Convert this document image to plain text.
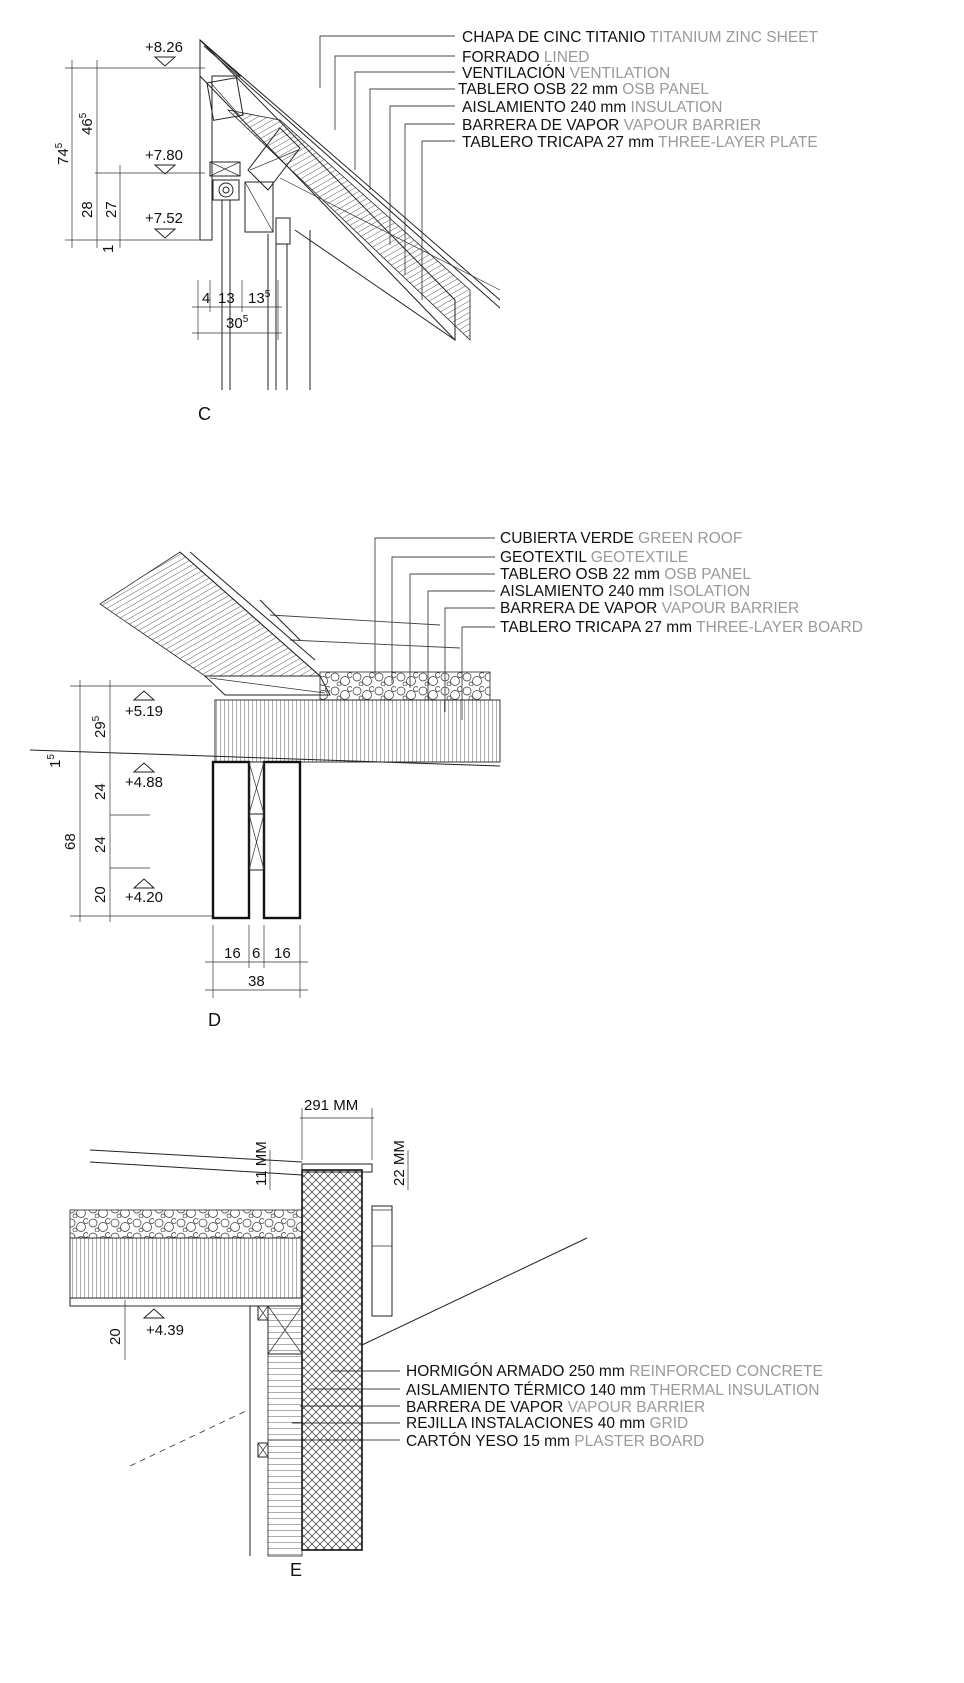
CHAPA DE CINC TITANIO TITANIUM ZINC SHEET
FORRADO LINED
VENTILACIÓN VENTILATION
TABLERO OSB 22 mm OSB PANEL
AISLAMIENTO 240 mm INSULATION
BARRERA DE VAPOR VAPOUR BARRIER
TABLERO TRICAPA 27 mm THREE-LAYER PLATE
+8.26
+7.80
+7.52
$74^5$
$46^5$
28 27
1
4 13 $13^5$
$30^5$
C
CUBIERTA VERDE GREEN ROOF
GEOTEXTIL GEOTEXTILE
TABLERO OSB 22 mm OSB PANEL
AISLAMIENTO 240 mm ISOLATION
BARRERA DE VAPOR VAPOUR BARRIER
TABLERO TRICAPA 27 mm THREE-LAYER BOARD
+5.19
+4.88
+4.20
$29^5$
$1^5$
68
24
24
20
16 6 16
38
D
HORMIGÓN ARMADO 250 mm REINFORCED CONCRETE
AISLAMIENTO TÉRMICO 140 mm THERMAL INSULATION
BARRERA DE VAPOR VAPOUR BARRIER
REJILLA INSTALACIONES 40 mm GRID
CARTÓN YESO 15 mm PLASTER BOARD
291 MM
11 MM	22 MM
20 +4.39
E
